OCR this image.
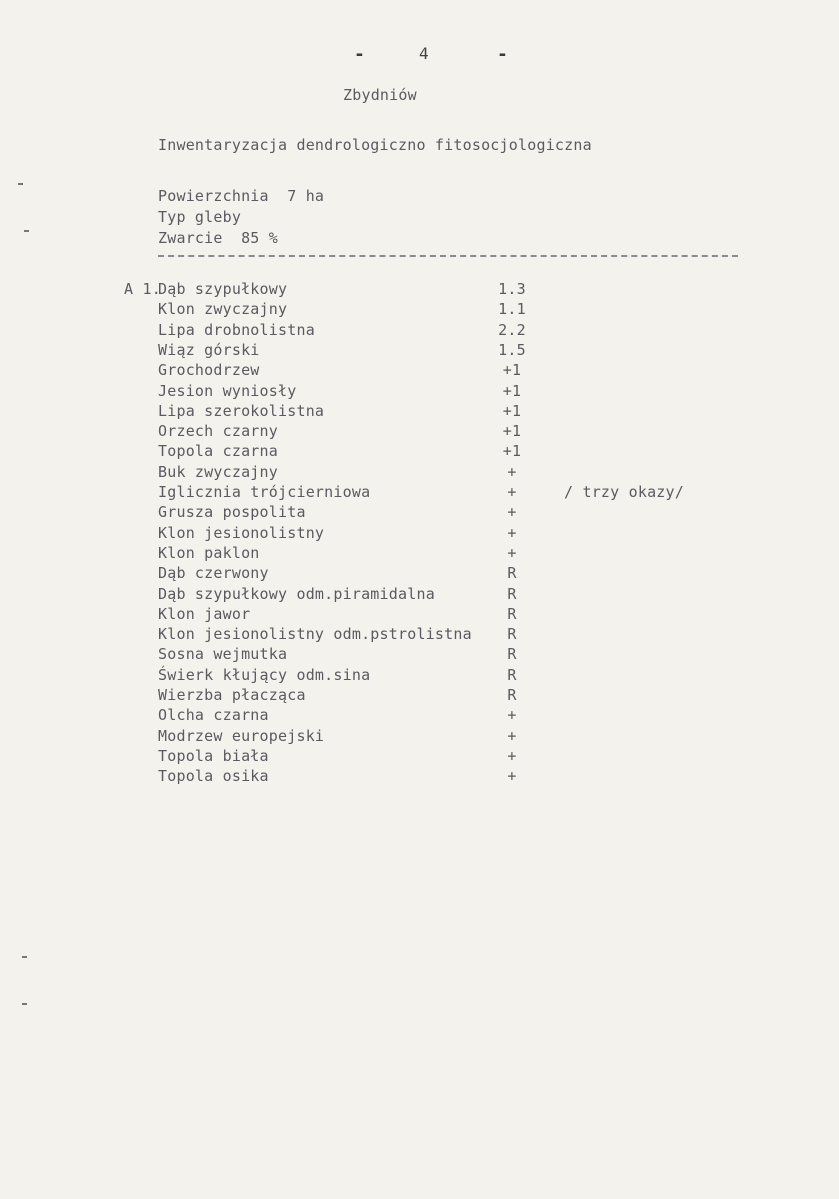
-	4	-
Zbydniów
Inwentaryzacja dendrologiczno fitosocjologiczna
Powierzchnia  7 ha
Typ gleby
Zwarcie  85 %
A 1.
Dąb szypułkowy	1.3
Klon zwyczajny	1.1
Lipa drobnolistna	2.2
Wiąz górski	1.5
Grochodrzew	+1
Jesion wyniosły	+1
Lipa szerokolistna	+1
Orzech czarny	+1
Topola czarna	+1
Buk zwyczajny	+
Iglicznia trójcierniowa	+	/ trzy okazy/
Grusza pospolita	+
Klon jesionolistny	+
Klon paklon	+
Dąb czerwony	R
Dąb szypułkowy odm.piramidalna	R
Klon jawor	R
Klon jesionolistny odm.pstrolistna	R
Sosna wejmutka	R
Świerk kłujący odm.sina	R
Wierzba płacząca	R
Olcha czarna	+
Modrzew europejski	+
Topola biała	+
Topola osika	+
